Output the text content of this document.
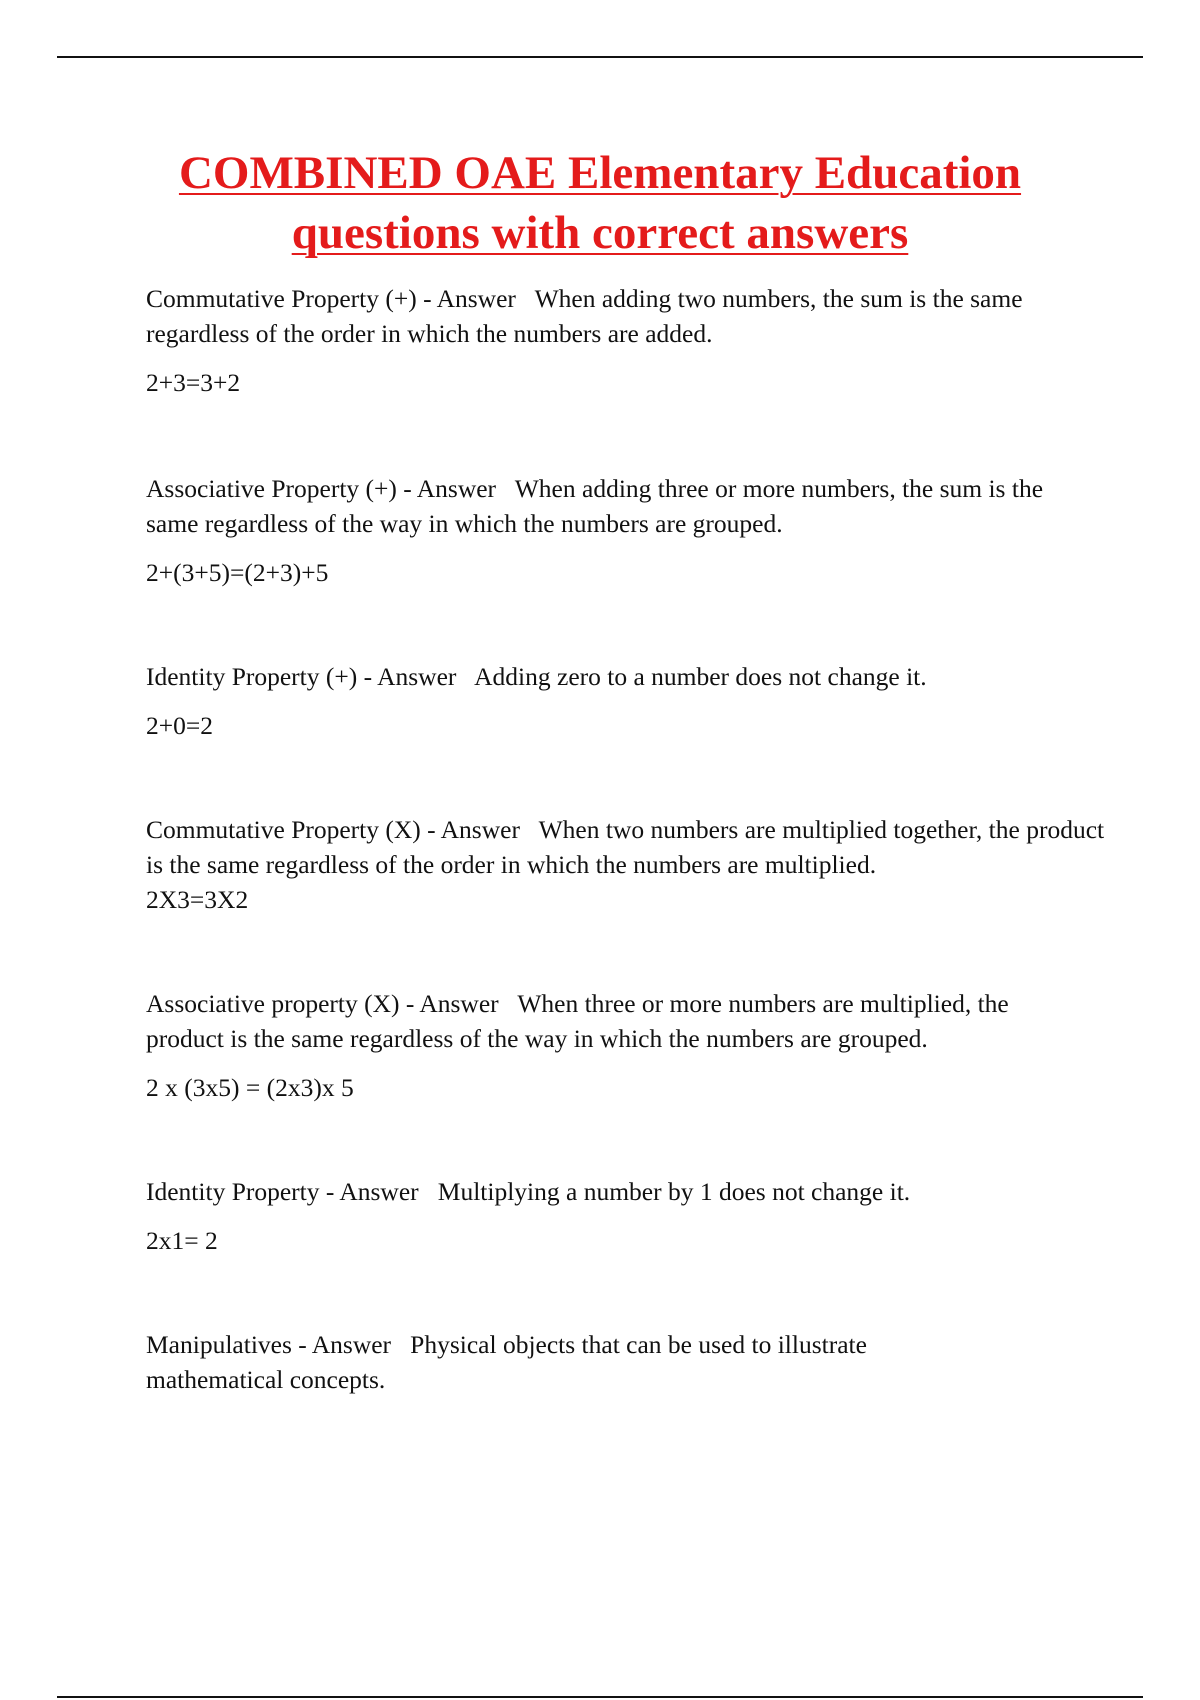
COMBINED OAE Elementary Education
questions with correct answers

Commutative Property (+) - Answer When adding two numbers, the sum is the same regardless of the order in which the numbers are added.

2+3=3+2

Associative Property (+) - Answer When adding three or more numbers, the sum is the same regardless of the way in which the numbers are grouped.

2+(3+5)=(2+3)+5

Identity Property (+) - Answer Adding zero to a number does not change it.

2+0=2

Commutative Property (X) - Answer When two numbers are multiplied together, the product is the same regardless of the order in which the numbers are multiplied.

2X3=3X2

Associative property (X) - Answer When three or more numbers are multiplied, the product is the same regardless of the way in which the numbers are grouped.

2 x (3x5) = (2x3)x 5

Identity Property - Answer Multiplying a number by 1 does not change it.

2x1= 2

Manipulatives - Answer Physical objects that can be used to illustrate mathematical concepts.
